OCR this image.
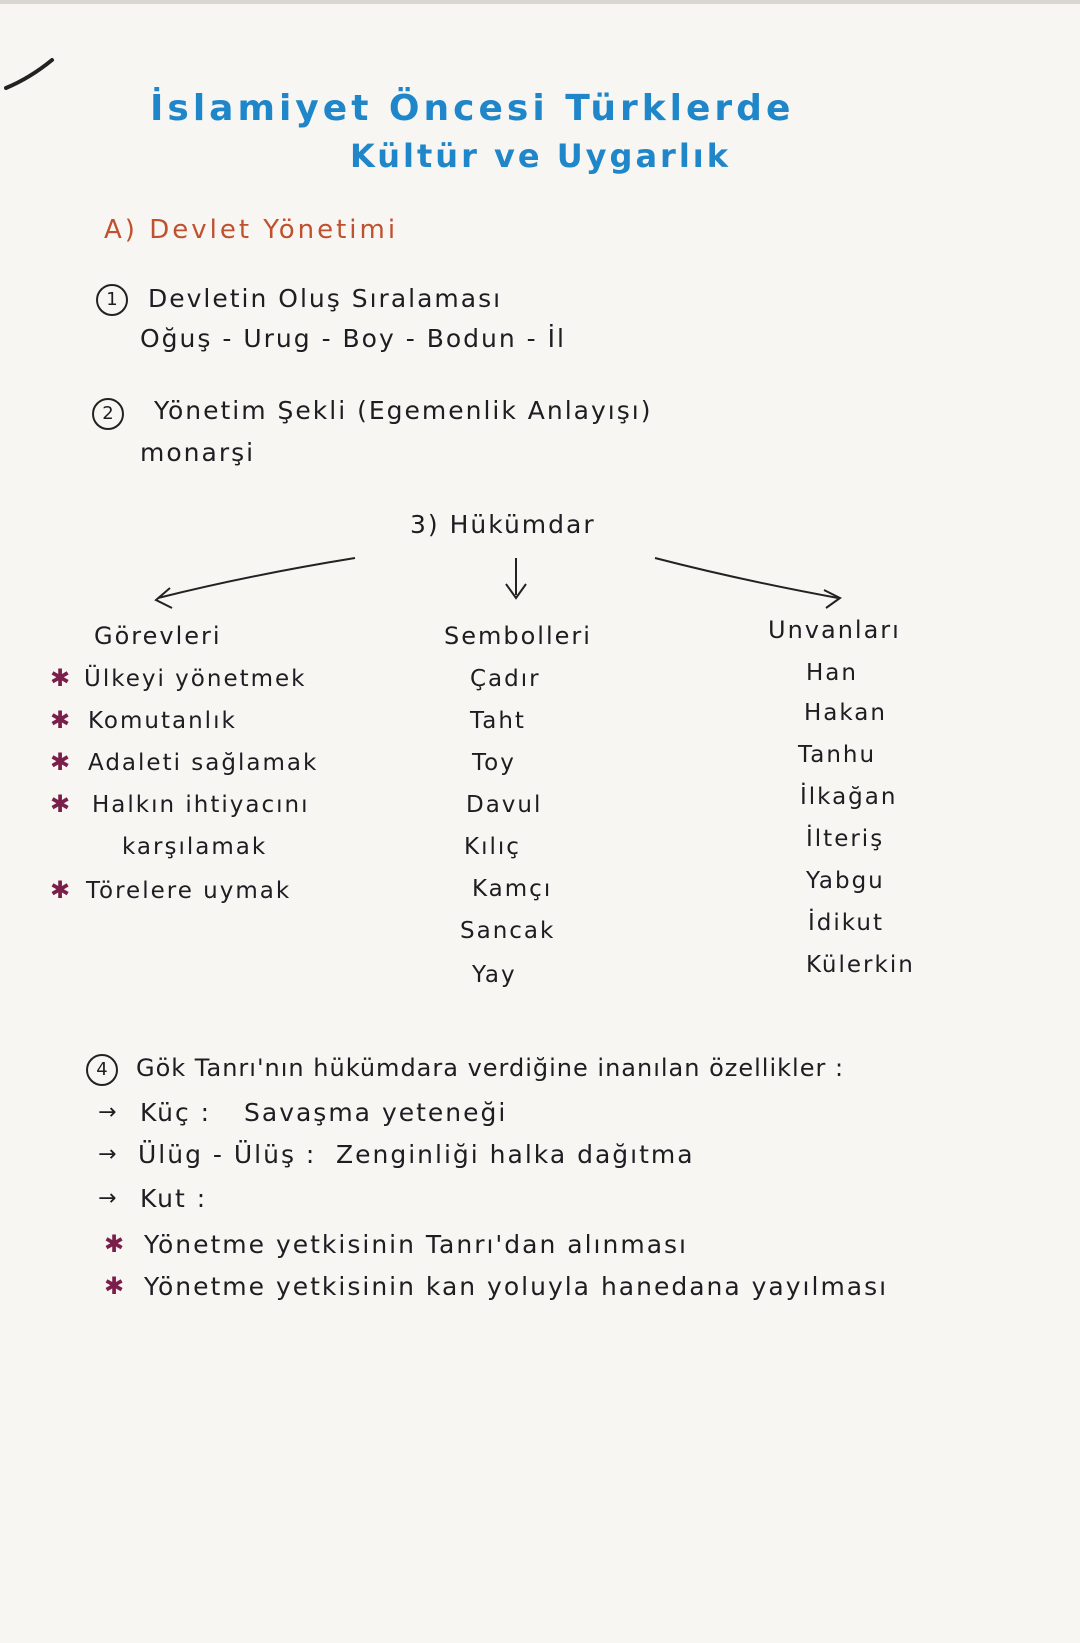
İslamiyet Öncesi Türklerde
Kültür ve Uygarlık
A) Devlet Yönetimi
1	Devletin Oluş Sıralaması
Oğuş - Urug - Boy - Bodun - İl
2	Yönetim Şekli (Egemenlik Anlayışı)
monarşi
3) Hükümdar
Görevleri
✱ Ülkeyi yönetmek
✱ Komutanlık
✱ Adaleti sağlamak
✱ Halkın ihtiyacını
karşılamak
✱ Törelere uymak
Sembolleri
Çadır
Taht
Toy
Davul
Kılıç
Kamçı
Sancak
Yay
Unvanları
Han
Hakan
Tanhu
İlkağan
İlteriş
Yabgu
İdikut
Külerkin
4	Gök Tanrı'nın hükümdara verdiğine inanılan özellikler :
→ Küç : Savaşma yeteneği
→ Ülüg - Ülüş : Zenginliği halka dağıtma
→ Kut :
✱ Yönetme yetkisinin Tanrı'dan alınması
✱ Yönetme yetkisinin kan yoluyla hanedana yayılması
